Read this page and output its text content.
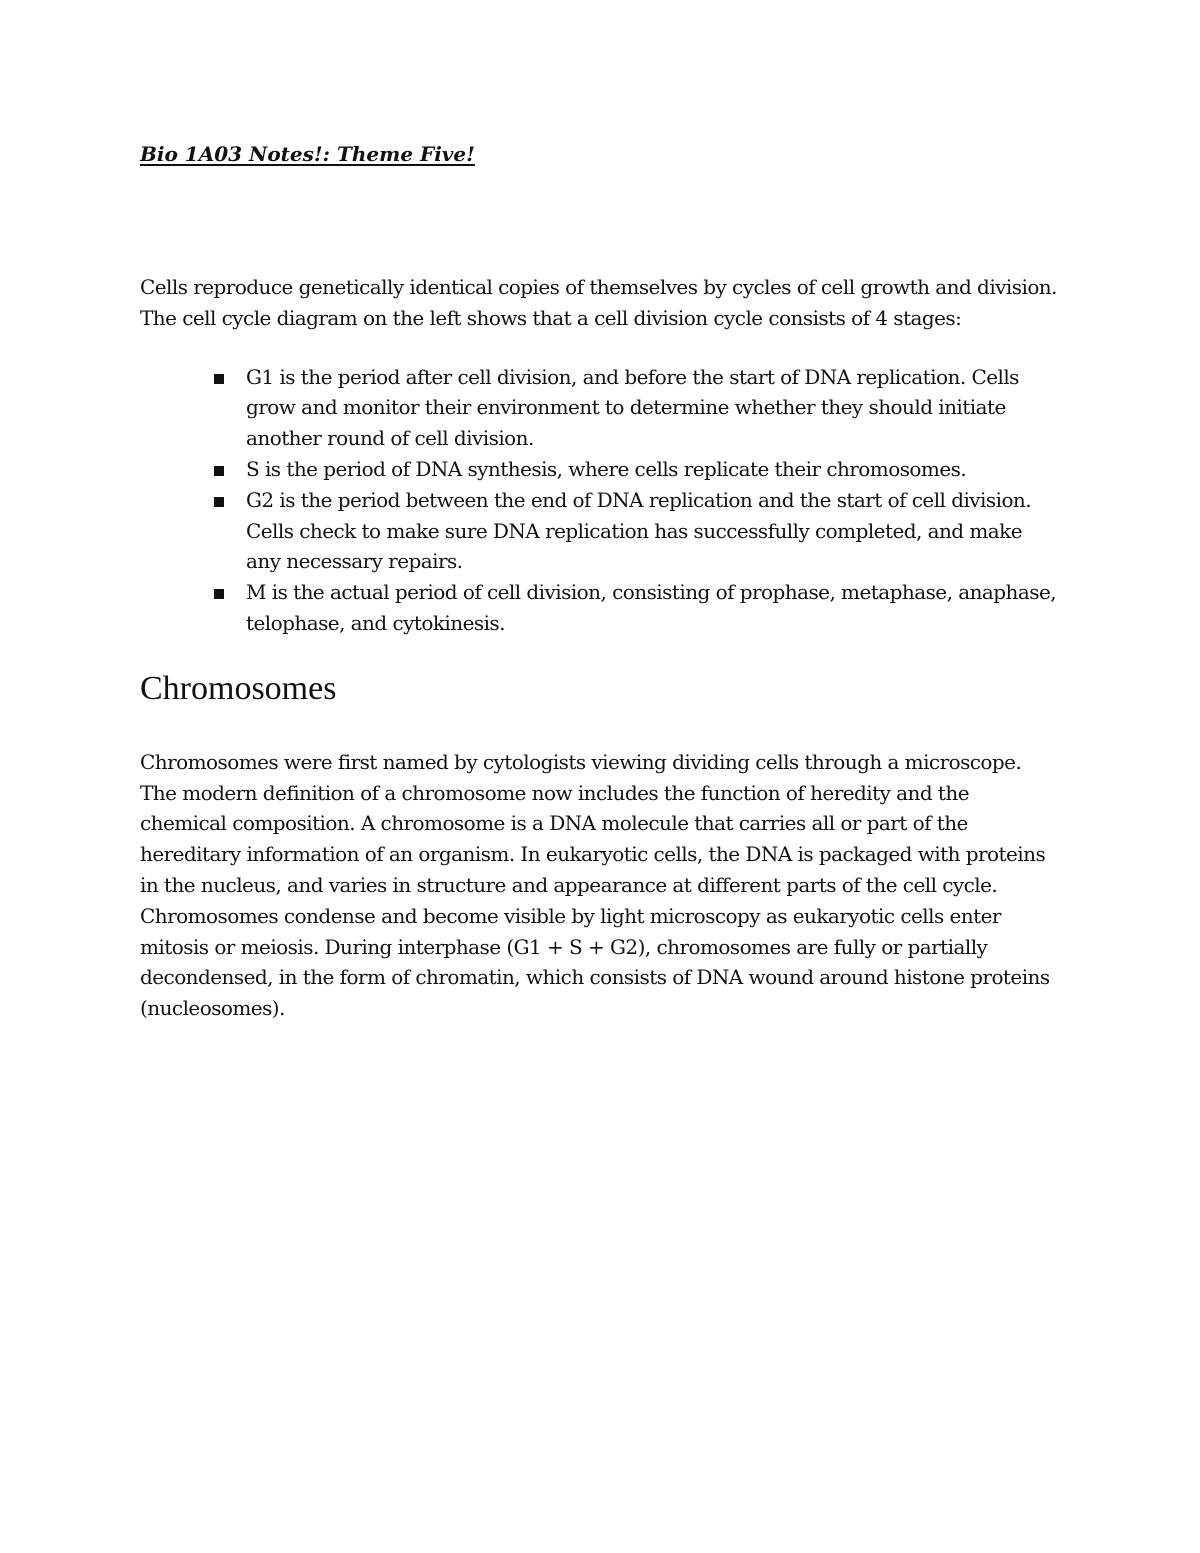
Bio 1A03 Notes!: Theme Five!

Cells reproduce genetically identical copies of themselves by cycles of cell growth and division. The cell cycle diagram on the left shows that a cell division cycle consists of 4 stages:

G1 is the period after cell division, and before the start of DNA replication. Cells grow and monitor their environment to determine whether they should initiate another round of cell division.
S is the period of DNA synthesis, where cells replicate their chromosomes.
G2 is the period between the end of DNA replication and the start of cell division. Cells check to make sure DNA replication has successfully completed, and make any necessary repairs.
M is the actual period of cell division, consisting of prophase, metaphase, anaphase, telophase, and cytokinesis.
Chromosomes

Chromosomes were first named by cytologists viewing dividing cells through a microscope. The modern definition of a chromosome now includes the function of heredity and the chemical composition. A chromosome is a DNA molecule that carries all or part of the hereditary information of an organism. In eukaryotic cells, the DNA is packaged with proteins in the nucleus, and varies in structure and appearance at different parts of the cell cycle.

Chromosomes condense and become visible by light microscopy as eukaryotic cells enter mitosis or meiosis. During interphase (G1 + S + G2), chromosomes are fully or partially decondensed, in the form of chromatin, which consists of DNA wound around histone proteins (nucleosomes).
